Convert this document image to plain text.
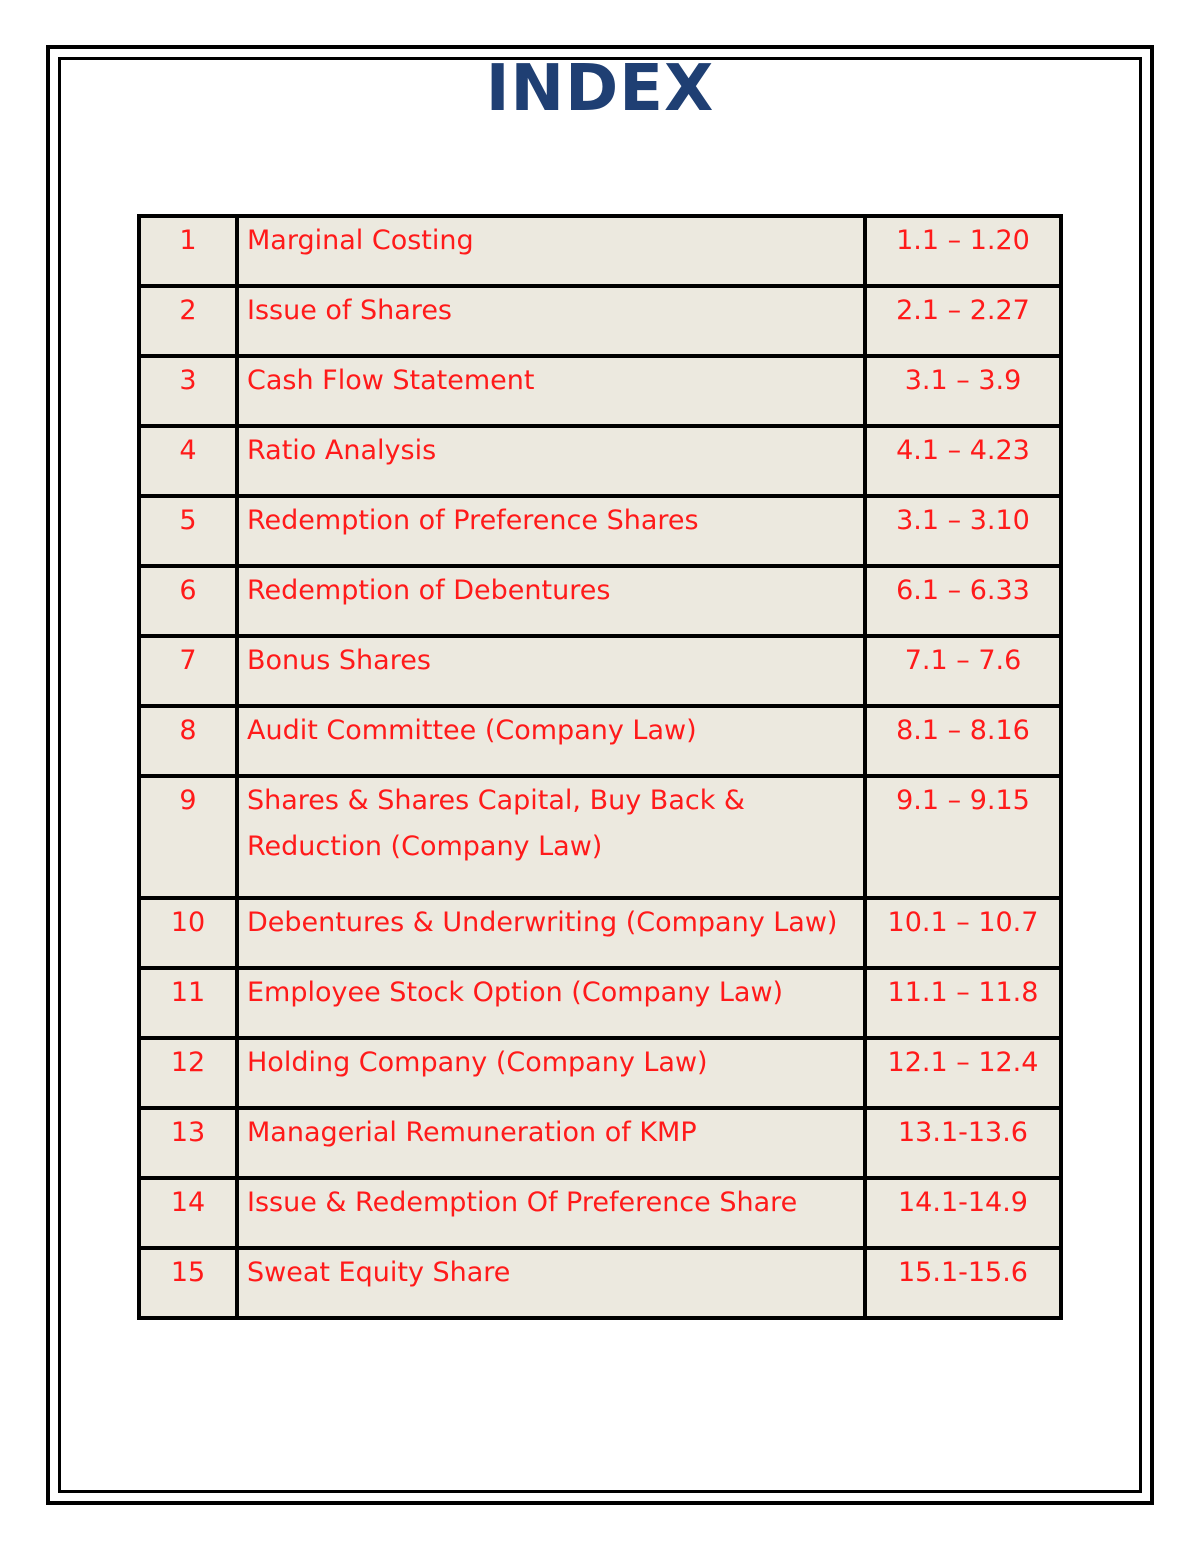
INDEX
1	Marginal Costing	1.1 – 1.20
2	Issue of Shares	2.1 – 2.27
3	Cash Flow Statement	3.1 – 3.9
4	Ratio Analysis	4.1 – 4.23
5	Redemption of Preference Shares	3.1 – 3.10
6	Redemption of Debentures	6.1 – 6.33
7	Bonus Shares	7.1 – 7.6
8	Audit Committee (Company Law)	8.1 – 8.16
9	Shares & Shares Capital, Buy Back & Reduction (Company Law)	9.1 – 9.15
10	Debentures & Underwriting (Company Law)	10.1 – 10.7
11	Employee Stock Option (Company Law)	11.1 – 11.8
12	Holding Company (Company Law)	12.1 – 12.4
13	Managerial Remuneration of KMP	13.1-13.6
14	Issue & Redemption Of Preference Share	14.1-14.9
15	Sweat Equity Share	15.1-15.6
